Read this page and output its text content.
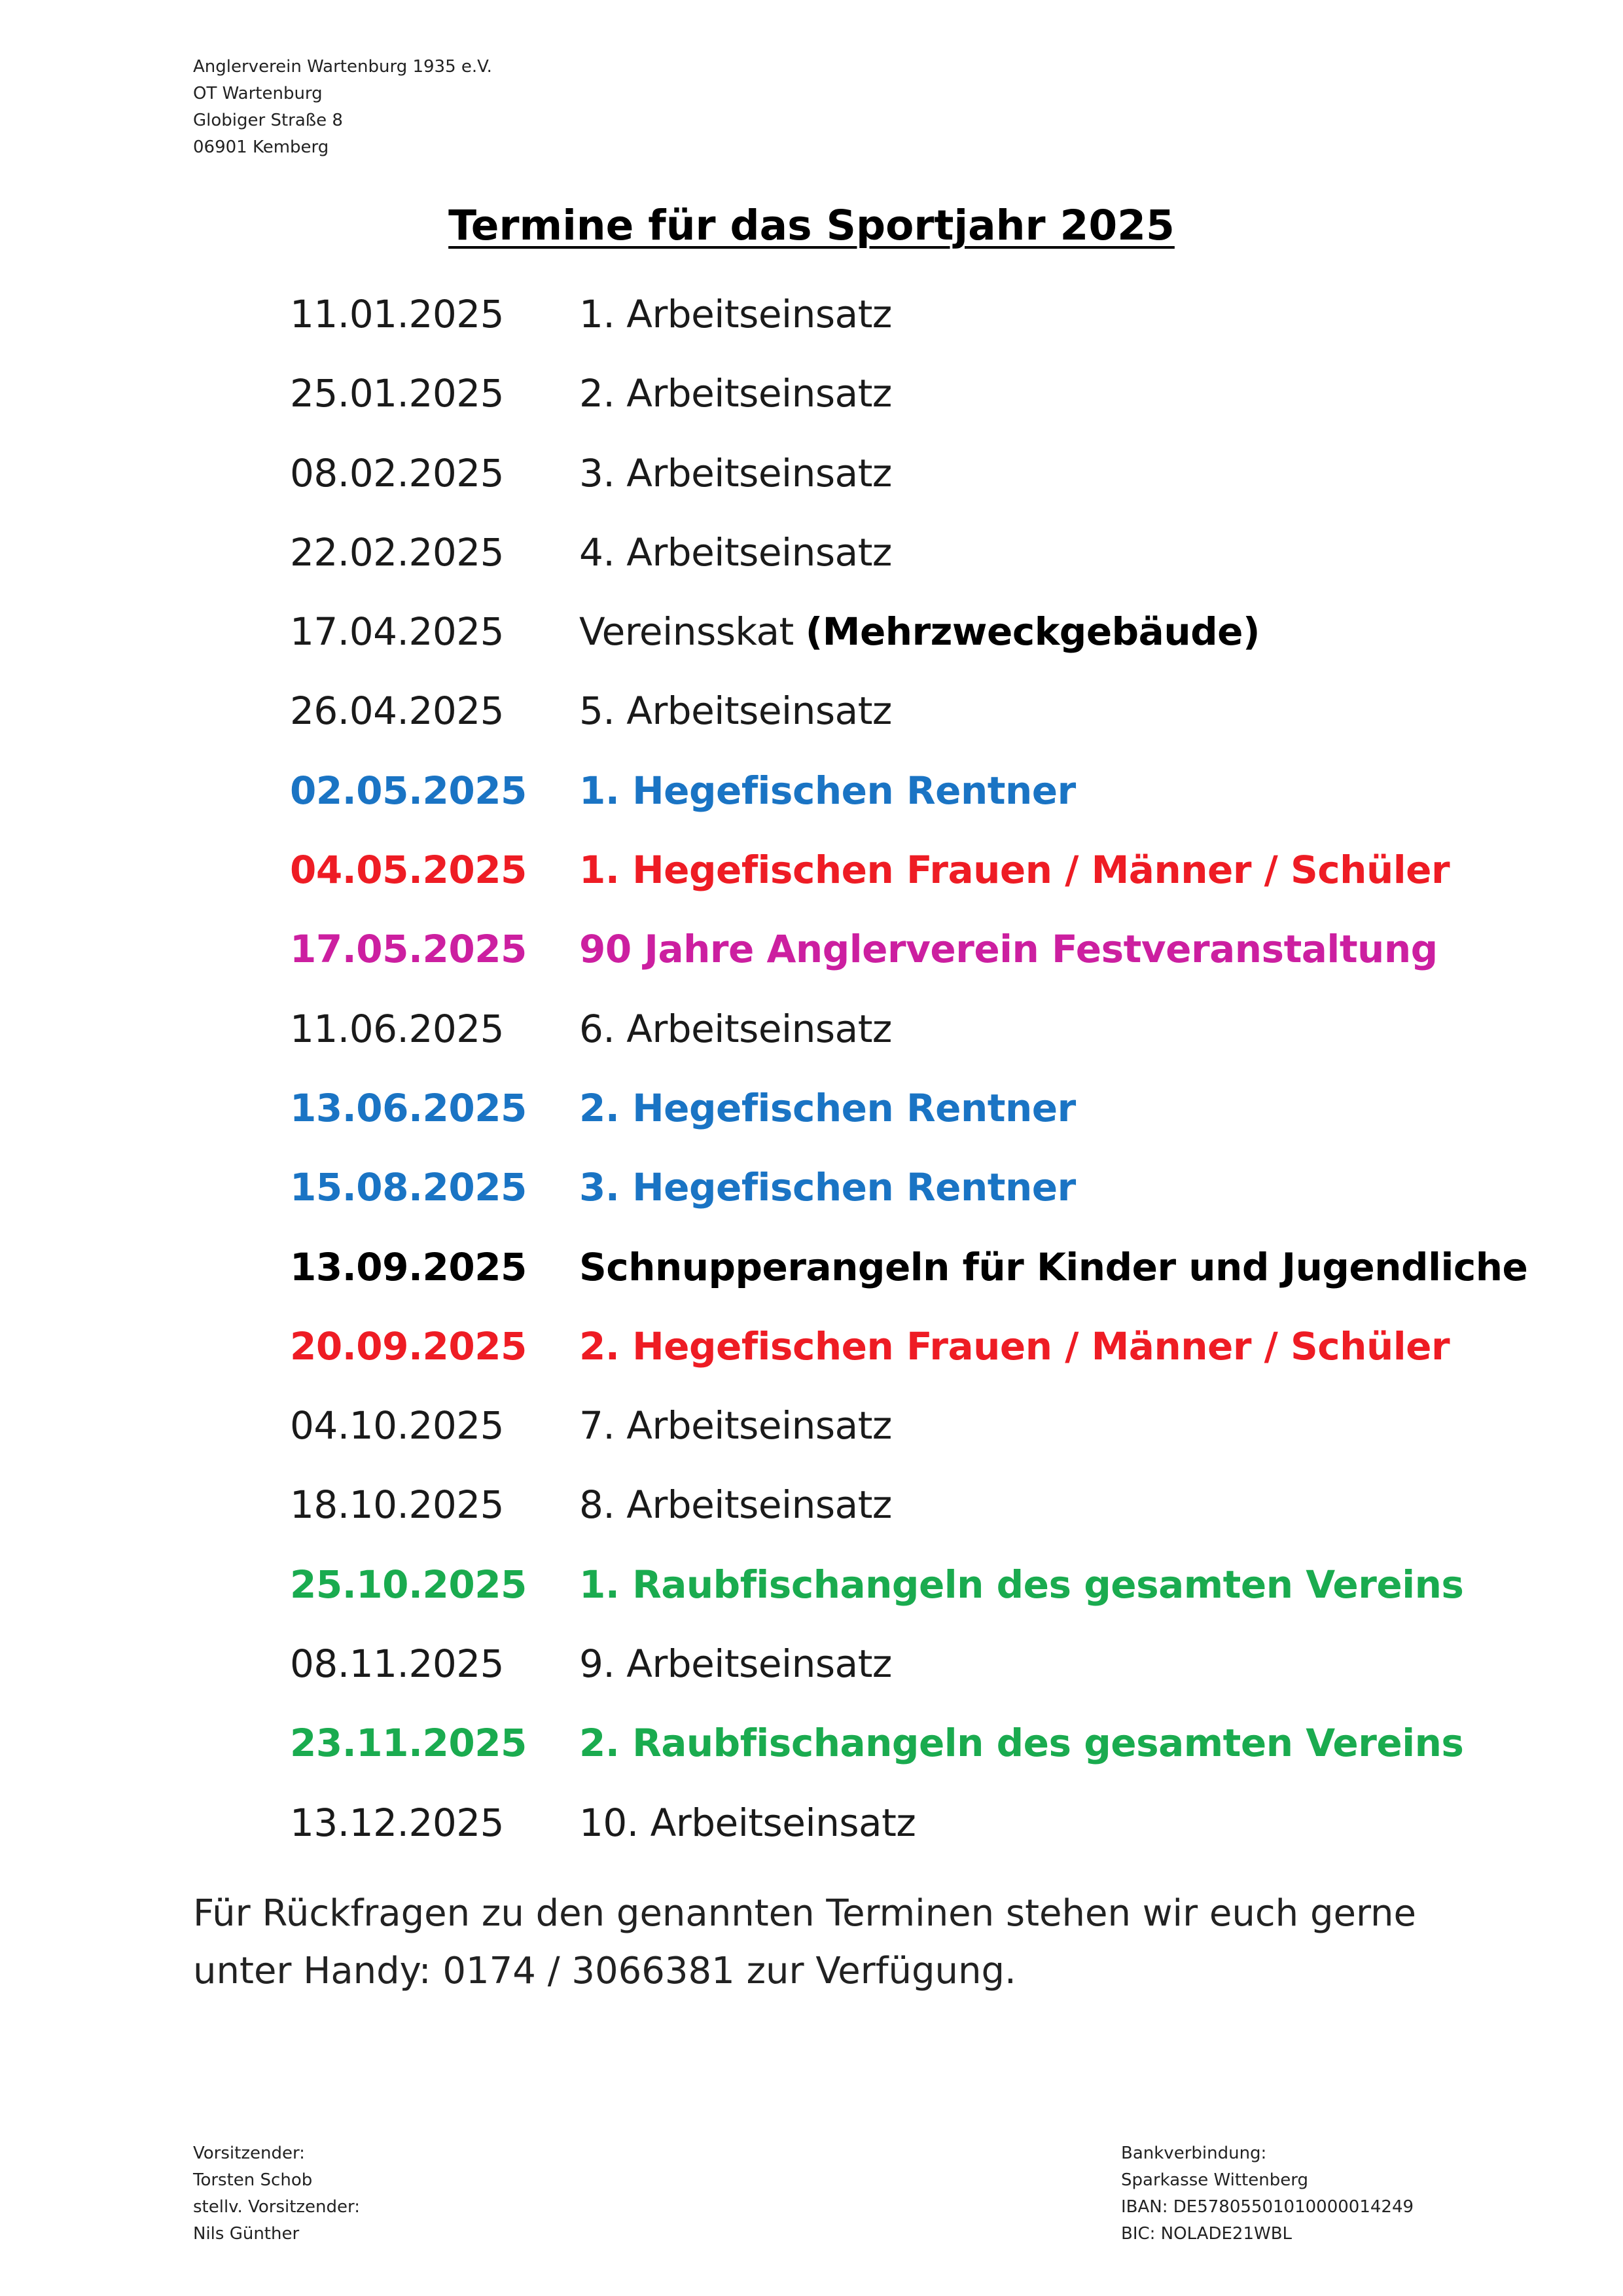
Anglerverein Wartenburg 1935 e.V.
OT Wartenburg
Globiger Straße 8
06901 Kemberg
Termine für das Sportjahr 2025
11.01.2025 1. Arbeitseinsatz
25.01.2025 2. Arbeitseinsatz
08.02.2025 3. Arbeitseinsatz
22.02.2025 4. Arbeitseinsatz
17.04.2025 Vereinsskat (Mehrzweckgebäude)
26.04.2025 5. Arbeitseinsatz
02.05.2025 1. Hegefischen Rentner
04.05.2025 1. Hegefischen Frauen / Männer / Schüler
17.05.2025 90 Jahre Anglerverein Festveranstaltung
11.06.2025 6. Arbeitseinsatz
13.06.2025 2. Hegefischen Rentner
15.08.2025 3. Hegefischen Rentner
13.09.2025 Schnupperangeln für Kinder und Jugendliche
20.09.2025 2. Hegefischen Frauen / Männer / Schüler
04.10.2025 7. Arbeitseinsatz
18.10.2025 8. Arbeitseinsatz
25.10.2025 1. Raubfischangeln des gesamten Vereins
08.11.2025 9. Arbeitseinsatz
23.11.2025 2. Raubfischangeln des gesamten Vereins
13.12.2025 10. Arbeitseinsatz
Für Rückfragen zu den genannten Terminen stehen wir euch gerne
unter Handy: 0174 / 3066381 zur Verfügung.
Vorsitzender:
Torsten Schob
stellv. Vorsitzender:
Nils Günther
Bankverbindung:
Sparkasse Wittenberg
IBAN: DE57805501010000014249
BIC: NOLADE21WBL
